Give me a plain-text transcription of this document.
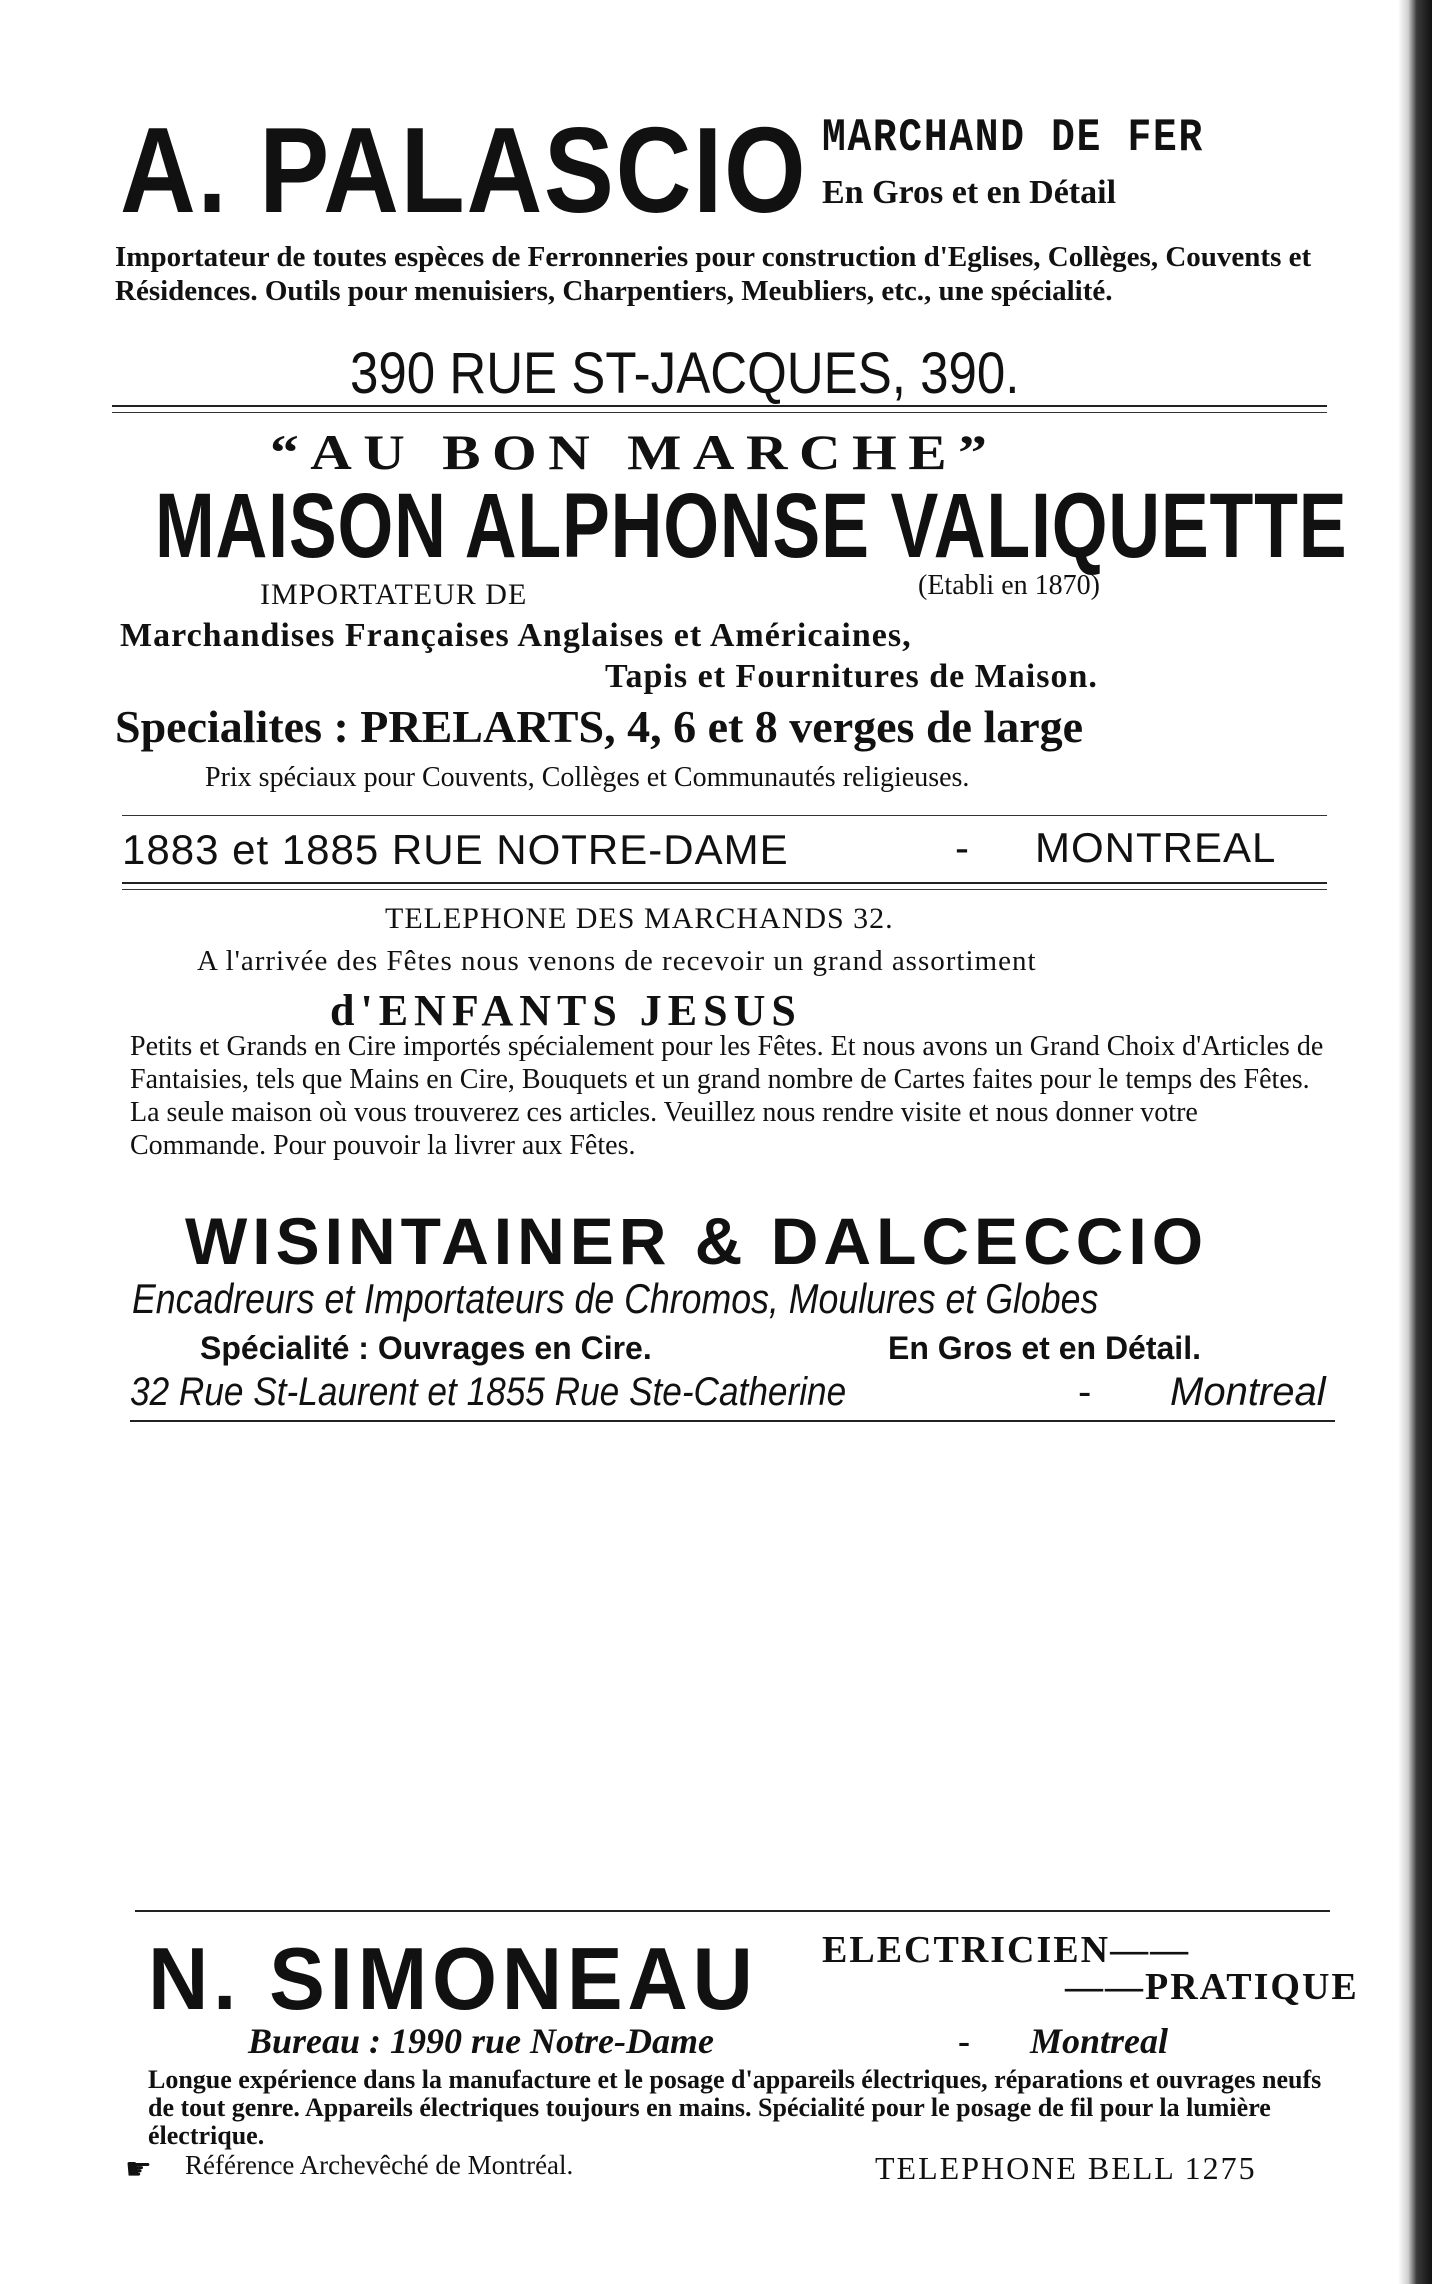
A. PALASCIO MARCHAND DE FER
En Gros et en Détail
Importateur de toutes espèces de Ferronneries pour construction d'Eglises, Collèges, Couvents et Résidences. Outils pour menuisiers, Charpentiers, Meubliers, etc., une spécialité.
390 RUE ST-JACQUES, 390.
“AU BON MARCHE”
MAISON ALPHONSE VALIQUETTE
IMPORTATEUR DE	(Etabli en 1870)
Marchandises Françaises Anglaises et Américaines,
Tapis et Fournitures de Maison.
Specialites : PRELARTS, 4, 6 et 8 verges de large
Prix spéciaux pour Couvents, Collèges et Communautés religieuses.
1883 et 1885 RUE NOTRE-DAME	- MONTREAL
TELEPHONE DES MARCHANDS 32.
A l'arrivée des Fêtes nous venons de recevoir un grand assortiment
d'ENFANTS JESUS
Petits et Grands en Cire importés spécialement pour les Fêtes. Et nous avons un Grand Choix d'Articles de Fantaisies, tels que Mains en Cire, Bouquets et un grand nombre de Cartes faites pour le temps des Fêtes. La seule maison où vous trouverez ces articles. Veuillez nous rendre visite et nous donner votre Commande. Pour pouvoir la livrer aux Fêtes.
WISINTAINER & DALCECCIO
Encadreurs et Importateurs de Chromos, Moulures et Globes
Spécialité : Ouvrages en Cire.	En Gros et en Détail.
32 Rue St-Laurent et 1855 Rue Ste-Catherine	- Montreal
N. SIMONEAU ELECTRICIEN——
——PRATIQUE
Bureau : 1990 rue Notre-Dame	- Montreal
Longue expérience dans la manufacture et le posage d'appareils électriques, réparations et ouvrages neufs de tout genre. Appareils électriques toujours en mains. Spécialité pour le posage de fil pour la lumière électrique.
☛ Référence Archevêché de Montréal.	TELEPHONE BELL 1275
